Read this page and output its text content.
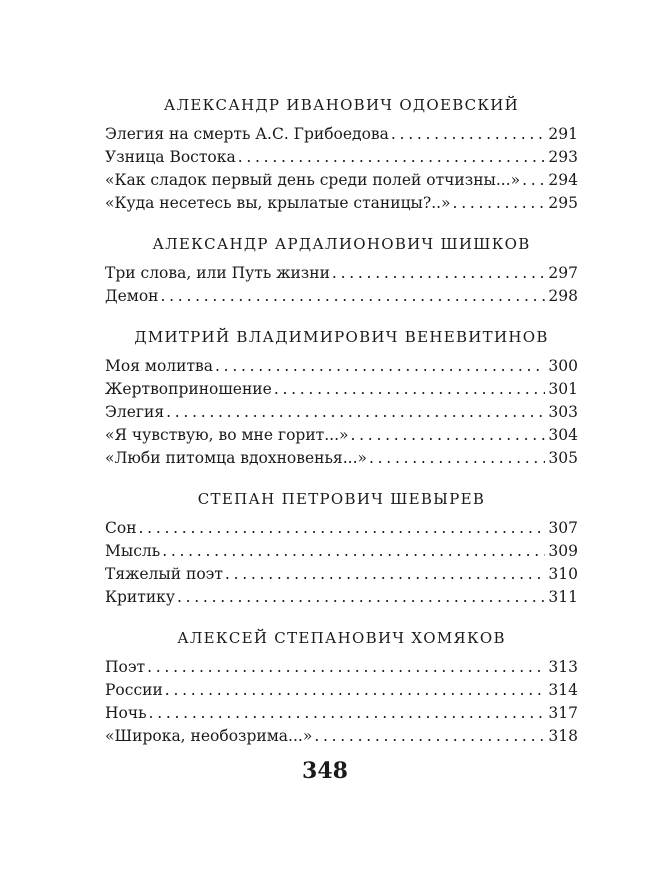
АЛЕКСАНДР ИВАНОВИЧ ОДОЕВСКИЙ
Элегия на смерть А.С. Грибоедова . . .	291
Узница Востока . . .	293
«Как сладок первый день среди полей отчизны...» . . . 294
«Куда несетесь вы, крылатые станицы?..» . . .	295
АЛЕКСАНДР АРДАЛИОНОВИЧ ШИШКОВ
Три слова, или Путь жизни . . .	297
Демон . . .	298
ДМИТРИЙ ВЛАДИМИРОВИЧ ВЕНЕВИТИНОВ
Моя молитва . . .	300
Жертвоприношение . . .	301
Элегия . . .	303
«Я чувствую, во мне горит...» . . .	304
«Люби питомца вдохновенья...» . . .	305
СТЕПАН ПЕТРОВИЧ ШЕВЫРЕВ
Сон . . .	307
Мысль . . .	309
Тяжелый поэт . . .	310
Критику . . .	311
АЛЕКСЕЙ СТЕПАНОВИЧ ХОМЯКОВ
Поэт . . .	313
России . . .	314
Ночь . . .	317
«Широка, необозрима...» . . .	318
348
